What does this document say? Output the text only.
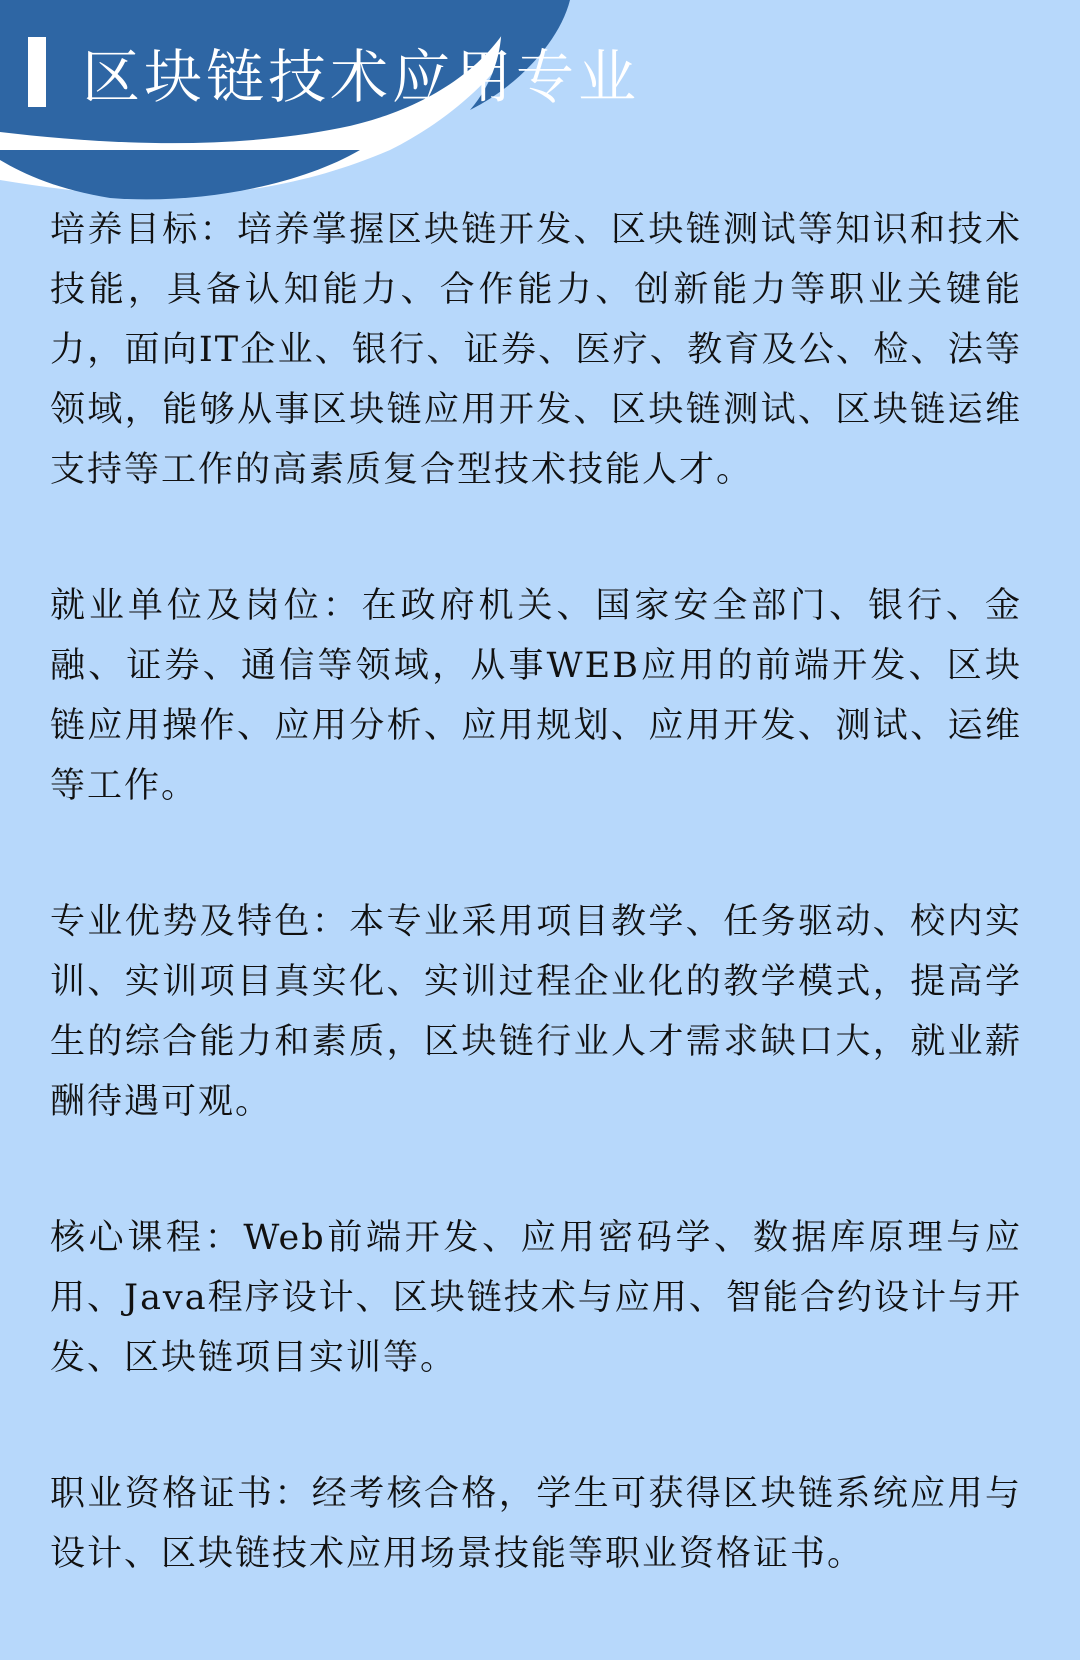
区块链技术应用专业

培养目标：培养掌握区块链开发、区块链测试等知识和技术技能，具备认知能力、合作能力、创新能力等职业关键能力，面向IT企业、银行、证券、医疗、教育及公、检、法等领域，能够从事区块链应用开发、区块链测试、区块链运维支持等工作的高素质复合型技术技能人才。

就业单位及岗位：在政府机关、国家安全部门、银行、金融、证券、通信等领域，从事WEB应用的前端开发、区块链应用操作、应用分析、应用规划、应用开发、测试、运维等工作。

专业优势及特色：本专业采用项目教学、任务驱动、校内实训、实训项目真实化、实训过程企业化的教学模式，提高学生的综合能力和素质，区块链行业人才需求缺口大，就业薪酬待遇可观。

核心课程：Web前端开发、应用密码学、数据库原理与应用、Java程序设计、区块链技术与应用、智能合约设计与开发、区块链项目实训等。

职业资格证书：经考核合格，学生可获得区块链系统应用与设计、区块链技术应用场景技能等职业资格证书。
